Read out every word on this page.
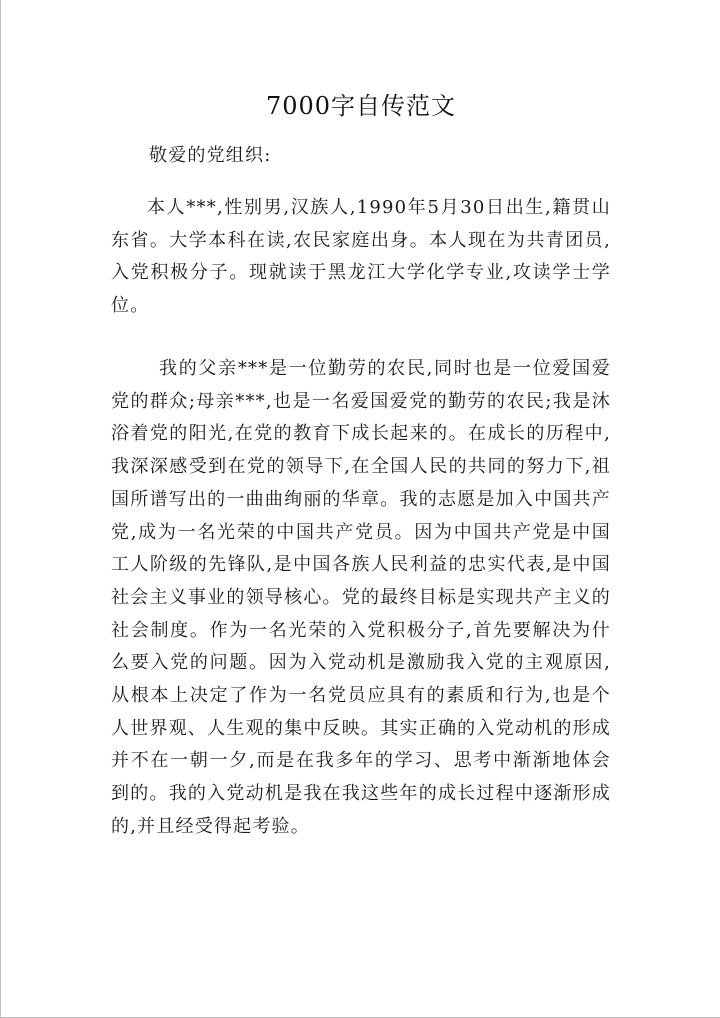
7000字自传范文
敬爱的党组织:
本人***,性别男,汉族人,1990年5月30日出生,籍贯山东省。大学本科在读,农民家庭出身。本人现在为共青团员,入党积极分子。现就读于黑龙江大学化学专业,攻读学士学位。
我的父亲***是一位勤劳的农民,同时也是一位爱国爱党的群众;母亲***,也是一名爱国爱党的勤劳的农民;我是沐浴着党的阳光,在党的教育下成长起来的。在成长的历程中,我深深感受到在党的领导下,在全国人民的共同的努力下,祖国所谱写出的一曲曲绚丽的华章。我的志愿是加入中国共产党,成为一名光荣的中国共产党员。因为中国共产党是中国工人阶级的先锋队,是中国各族人民利益的忠实代表,是中国社会主义事业的领导核心。党的最终目标是实现共产主义的社会制度。作为一名光荣的入党积极分子,首先要解决为什么要入党的问题。因为入党动机是激励我入党的主观原因,从根本上决定了作为一名党员应具有的素质和行为,也是个人世界观、人生观的集中反映。其实正确的入党动机的形成并不在一朝一夕,而是在我多年的学习、思考中渐渐地体会到的。我的入党动机是我在我这些年的成长过程中逐渐形成的,并且经受得起考验。
